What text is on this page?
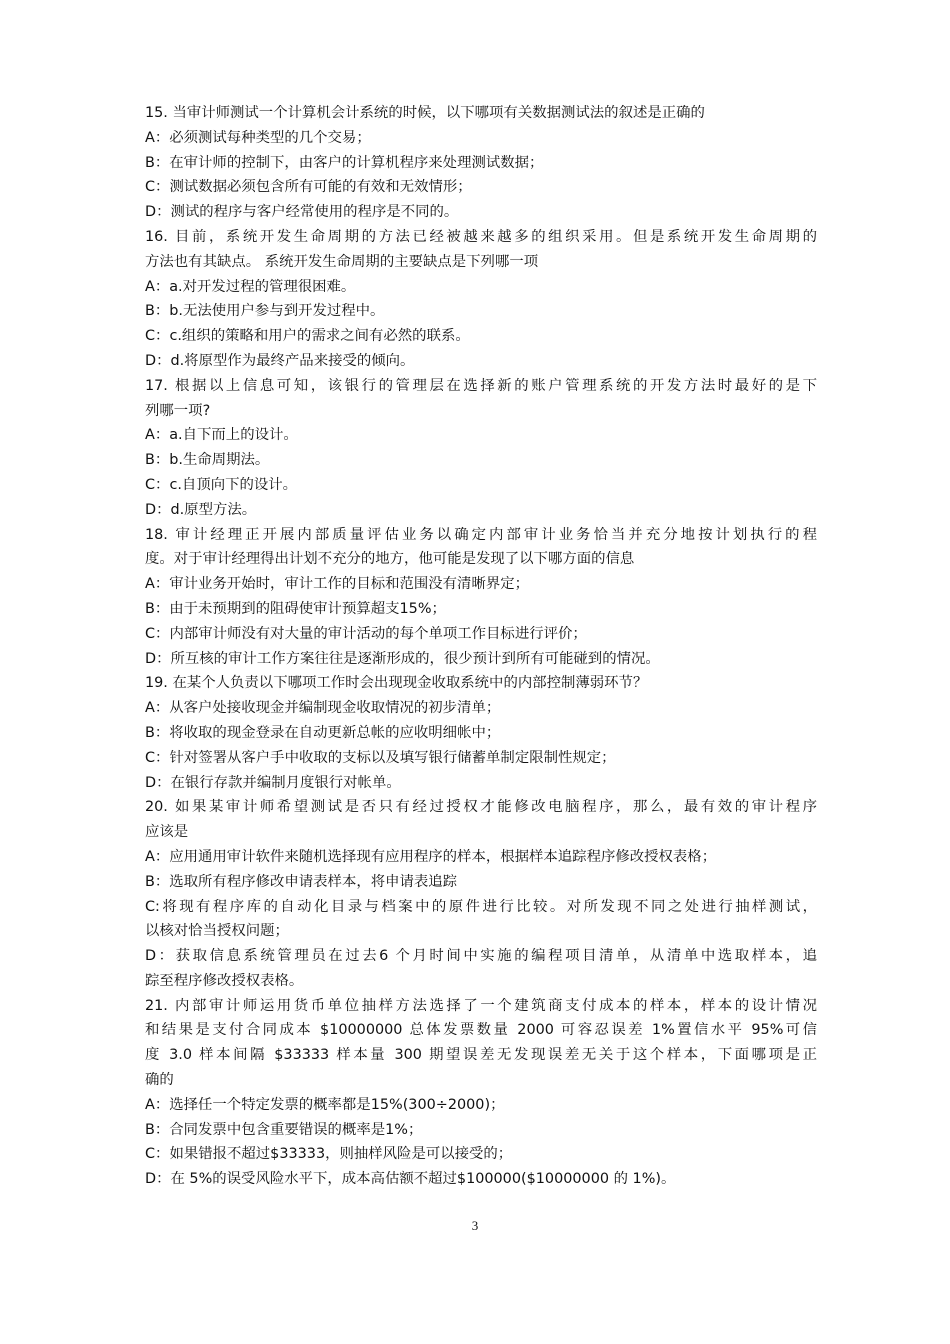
15. 当审计师测试一个计算机会计系统的时候，以下哪项有关数据测试法的叙述是正确的
A：必须测试每种类型的几个交易；
B：在审计师的控制下，由客户的计算机程序来处理测试数据；
C：测试数据必须包含所有可能的有效和无效情形；
D：测试的程序与客户经常使用的程序是不同的。
16. 目前，系统开发生命周期的方法已经被越来越多的组织采用。但是系统开发生命周期的
方法也有其缺点。 系统开发生命周期的主要缺点是下列哪一项
A：a.对开发过程的管理很困难。
B：b.无法使用户参与到开发过程中。
C：c.组织的策略和用户的需求之间有必然的联系。
D：d.将原型作为最终产品来接受的倾向。
17. 根据以上信息可知，该银行的管理层在选择新的账户管理系统的开发方法时最好的是下
列哪一项?
A：a.自下而上的设计。
B：b.生命周期法。
C：c.自顶向下的设计。
D：d.原型方法。
18. 审计经理正开展内部质量评估业务以确定内部审计业务恰当并充分地按计划执行的程
度。对于审计经理得出计划不充分的地方，他可能是发现了以下哪方面的信息
A：审计业务开始时，审计工作的目标和范围没有清晰界定；
B：由于未预期到的阻碍使审计预算超支15%；
C：内部审计师没有对大量的审计活动的每个单项工作目标进行评价；
D：所互核的审计工作方案往往是逐渐形成的，很少预计到所有可能碰到的情况。
19. 在某个人负责以下哪项工作时会出现现金收取系统中的内部控制薄弱环节？
A：从客户处接收现金并编制现金收取情况的初步清单；
B：将收取的现金登录在自动更新总帐的应收明细帐中；
C：针对签署从客户手中收取的支标以及填写银行储蓄单制定限制性规定；
D：在银行存款并编制月度银行对帐单。
20. 如果某审计师希望测试是否只有经过授权才能修改电脑程序，那么，最有效的审计程序
应该是
A：应用通用审计软件来随机选择现有应用程序的样本，根据样本追踪程序修改授权表格；
B：选取所有程序修改申请表样本，将申请表追踪
C:将现有程序库的自动化目录与档案中的原件进行比较。对所发现不同之处进行抽样测试，
以核对恰当授权问题；
D：获取信息系统管理员在过去6 个月时间中实施的编程项目清单，从清单中选取样本，追
踪至程序修改授权表格。
21. 内部审计师运用货币单位抽样方法选择了一个建筑商支付成本的样本，样本的设计情况
和结果是支付合同成本 $10000000 总体发票数量 2000 可容忍误差 1%置信水平 95%可信
度 3.0 样本间隔 $33333 样本量 300 期望误差无发现误差无关于这个样本，下面哪项是正
确的
A：选择任一个特定发票的概率都是15%(300÷2000)；
B：合同发票中包含重要错误的概率是1%；
C：如果错报不超过$33333，则抽样风险是可以接受的；
D：在 5%的误受风险水平下，成本高估额不超过$100000($10000000 的 1%)。
3
